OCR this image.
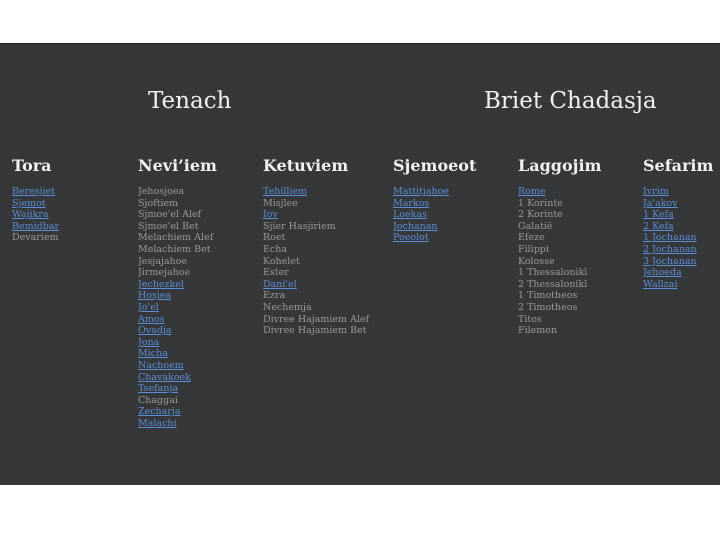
Tenach	Briet Chadasja
Tora
Beresjiet
Sjemot
Wajikra
Bemidbar
Devariem
Nevi’iem
Jehosjoea
Sjoftiem
Sjmoe'el Alef
Sjmoe'el Bet
Melachiem Alef
Melachiem Bet
Jesjajahoe
Jirmejahoe
Jechezkel
Hosjea
Jo'el
Amos
Ovadja
Jona
Micha
Nachoem
Chavakoek
Tsefanja
Chaggai
Zecharja
Malachi
Ketuviem
Tehilliem
Misjlee
Iov
Sjier Hasjiriem
Roet
Echa
Kohelet
Ester
Dani'el
Ezra
Nechemja
Divree Hajamiem Alef
Divree Hajamiem Bet
Sjemoeot
Mattitjahoe
Markos
Loekas
Jochanan
Poeolot
Laggojim
Rome
1 Korinte
2 Korinte
Galatië
Efeze
Filippi
Kolosse
1 Thessalonikī
2 Thessalonikī
1 Timotheos
2 Timotheos
Titos
Filemon
Sefarim
Ivrim
Ja'akov
1 Kefa
2 Kefa
1 Jochanan
2 Jochanan
3 Jochanan
Jehoeda
Wallzai
